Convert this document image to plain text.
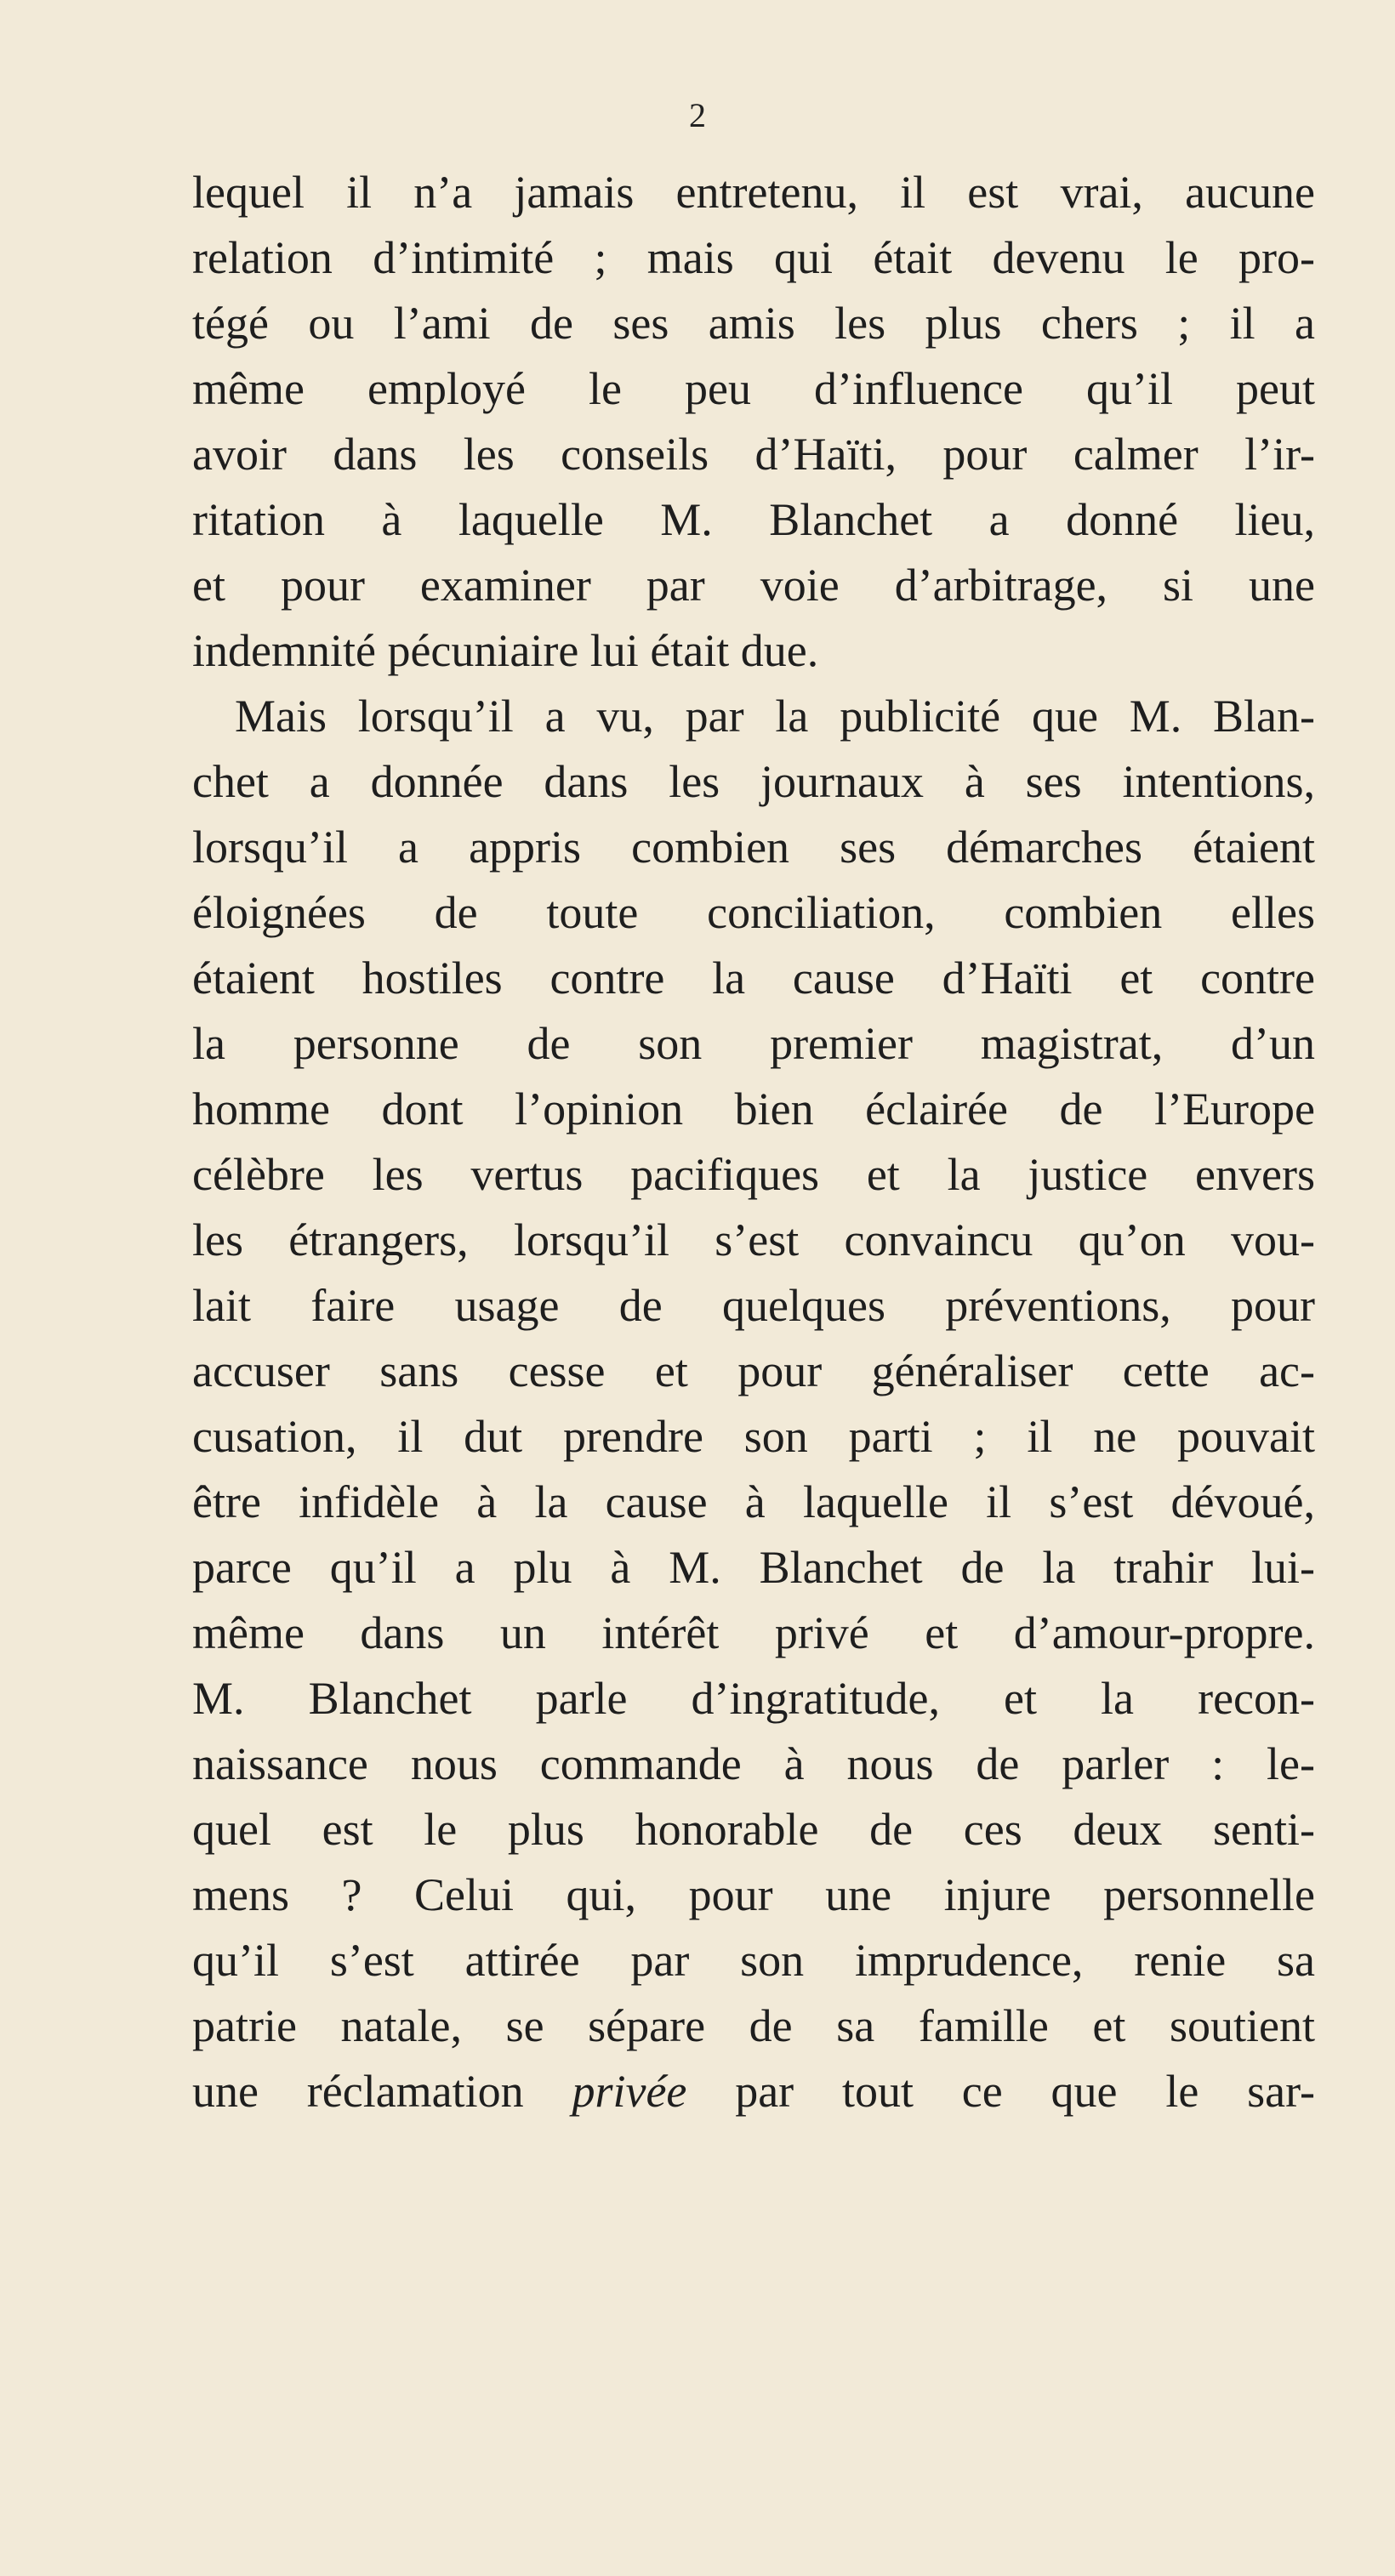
2
lequel il n’a jamais entretenu, il est vrai, aucune
relation d’intimité ; mais qui était devenu le pro-
tégé ou l’ami de ses amis les plus chers ; il a
même employé le peu d’influence qu’il peut
avoir dans les conseils d’Haïti, pour calmer l’ir-
ritation à laquelle M. Blanchet a donné lieu,
et pour examiner par voie d’arbitrage, si une
indemnité pécuniaire lui était due.
Mais lorsqu’il a vu, par la publicité que M. Blan-
chet a donnée dans les journaux à ses intentions,
lorsqu’il a appris combien ses démarches étaient
éloignées de toute conciliation, combien elles
étaient hostiles contre la cause d’Haïti et contre
la personne de son premier magistrat, d’un
homme dont l’opinion bien éclairée de l’Europe
célèbre les vertus pacifiques et la justice envers
les étrangers, lorsqu’il s’est convaincu qu’on vou-
lait faire usage de quelques préventions, pour
accuser sans cesse et pour généraliser cette ac-
cusation, il dut prendre son parti ; il ne pouvait
être infidèle à la cause à laquelle il s’est dévoué,
parce qu’il a plu à M. Blanchet de la trahir lui-
même dans un intérêt privé et d’amour-propre.
M. Blanchet parle d’ingratitude, et la recon-
naissance nous commande à nous de parler : le-
quel est le plus honorable de ces deux senti-
mens ? Celui qui, pour une injure personnelle
qu’il s’est attirée par son imprudence, renie sa
patrie natale, se sépare de sa famille et soutient
une réclamation privée par tout ce que le sar-
